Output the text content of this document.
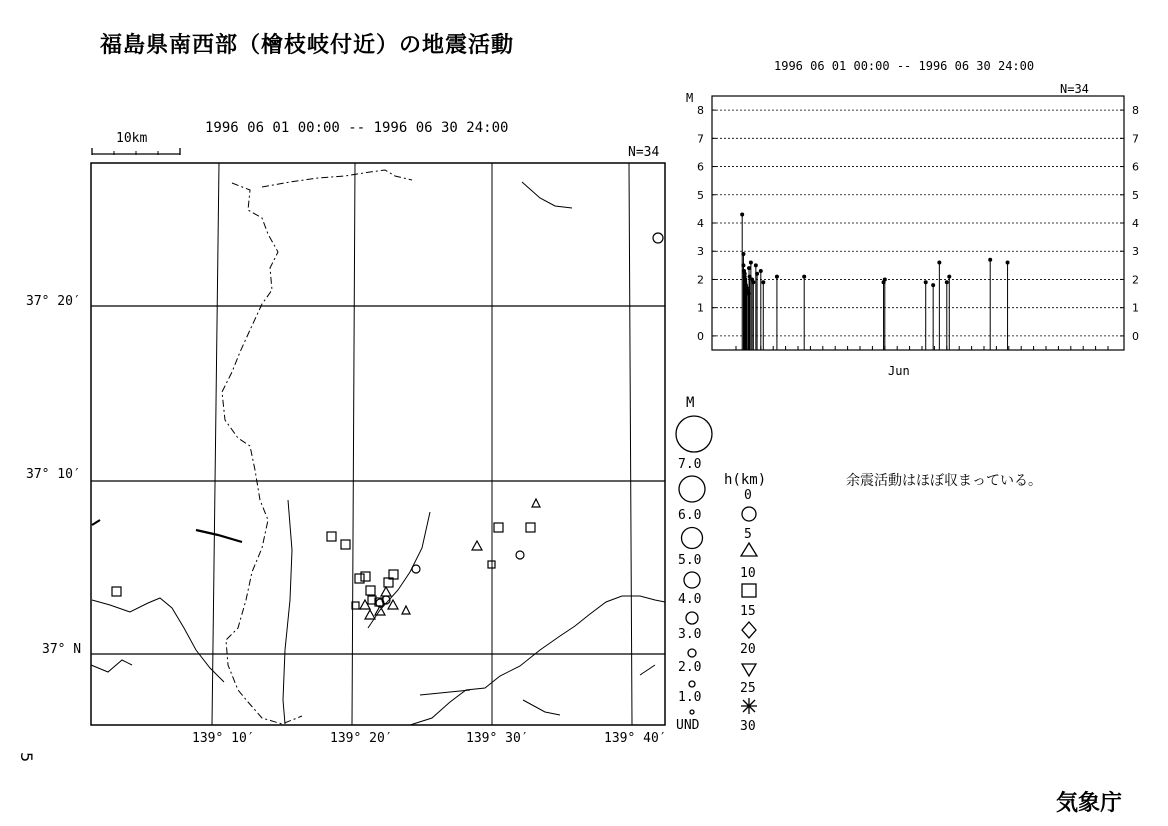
福島県南西部（檜枝岐付近）の地震活動
1996 06 01 00:00 -- 1996 06 30 24:00
N=34
10km
37° 20′
37° 10′
37° N
139° 10′	139° 20′	139° 30′	139° 40′
M
7.0
6.0
5.0
4.0
3.0
2.0
1.0
UND
h(km)
0
5
10
15
20
25
30
1996 06 01 00:00 -- 1996 06 30 24:00
N=34
M
Jun
0	0
1	1
2	2
3	3
4	4
5	5
6	6
7	7
8	8
余震活動はほぼ収まっている。
5
気象庁
